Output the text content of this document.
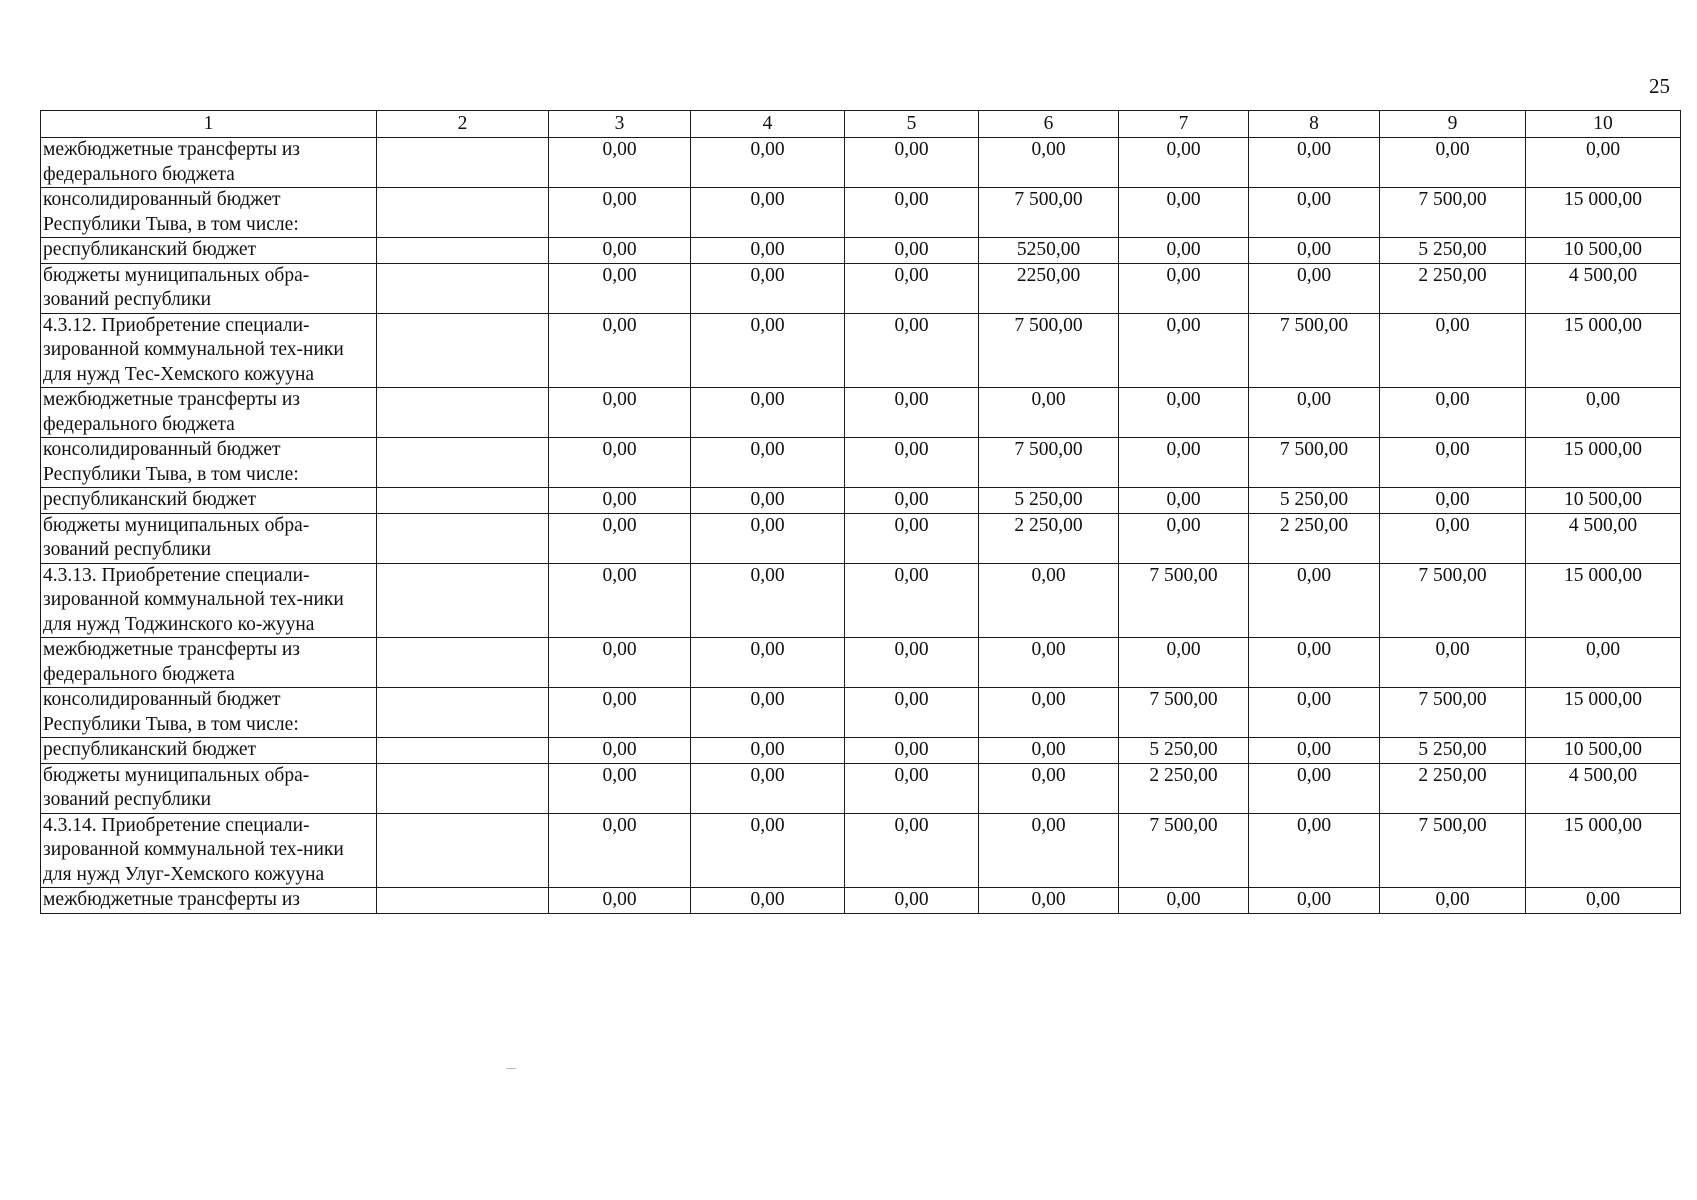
25
1	2	3	4	5	6	7	8	9	10
межбюджетные трансферты из федерального бюджета		0,00	0,00	0,00	0,00	0,00	0,00	0,00	0,00
консолидированный бюджет Республики Тыва, в том числе:		0,00	0,00	0,00	7 500,00	0,00	0,00	7 500,00	15 000,00
республиканский бюджет		0,00	0,00	0,00	5250,00	0,00	0,00	5 250,00	10 500,00
бюджеты муниципальных обра-зований республики		0,00	0,00	0,00	2250,00	0,00	0,00	2 250,00	4 500,00
4.3.12. Приобретение специали-зированной коммунальной тех-ники для нужд Тес-Хемского кожууна		0,00	0,00	0,00	7 500,00	0,00	7 500,00	0,00	15 000,00
межбюджетные трансферты из федерального бюджета		0,00	0,00	0,00	0,00	0,00	0,00	0,00	0,00
консолидированный бюджет Республики Тыва, в том числе:		0,00	0,00	0,00	7 500,00	0,00	7 500,00	0,00	15 000,00
республиканский бюджет		0,00	0,00	0,00	5 250,00	0,00	5 250,00	0,00	10 500,00
бюджеты муниципальных обра-зований республики		0,00	0,00	0,00	2 250,00	0,00	2 250,00	0,00	4 500,00
4.3.13. Приобретение специали-зированной коммунальной тех-ники для нужд Тоджинского ко-жууна		0,00	0,00	0,00	0,00	7 500,00	0,00	7 500,00	15 000,00
межбюджетные трансферты из федерального бюджета		0,00	0,00	0,00	0,00	0,00	0,00	0,00	0,00
консолидированный бюджет Республики Тыва, в том числе:		0,00	0,00	0,00	0,00	7 500,00	0,00	7 500,00	15 000,00
республиканский бюджет		0,00	0,00	0,00	0,00	5 250,00	0,00	5 250,00	10 500,00
бюджеты муниципальных обра-зований республики		0,00	0,00	0,00	0,00	2 250,00	0,00	2 250,00	4 500,00
4.3.14. Приобретение специали-зированной коммунальной тех-ники для нужд Улуг-Хемского кожууна		0,00	0,00	0,00	0,00	7 500,00	0,00	7 500,00	15 000,00
межбюджетные трансферты из		0,00	0,00	0,00	0,00	0,00	0,00	0,00	0,00
